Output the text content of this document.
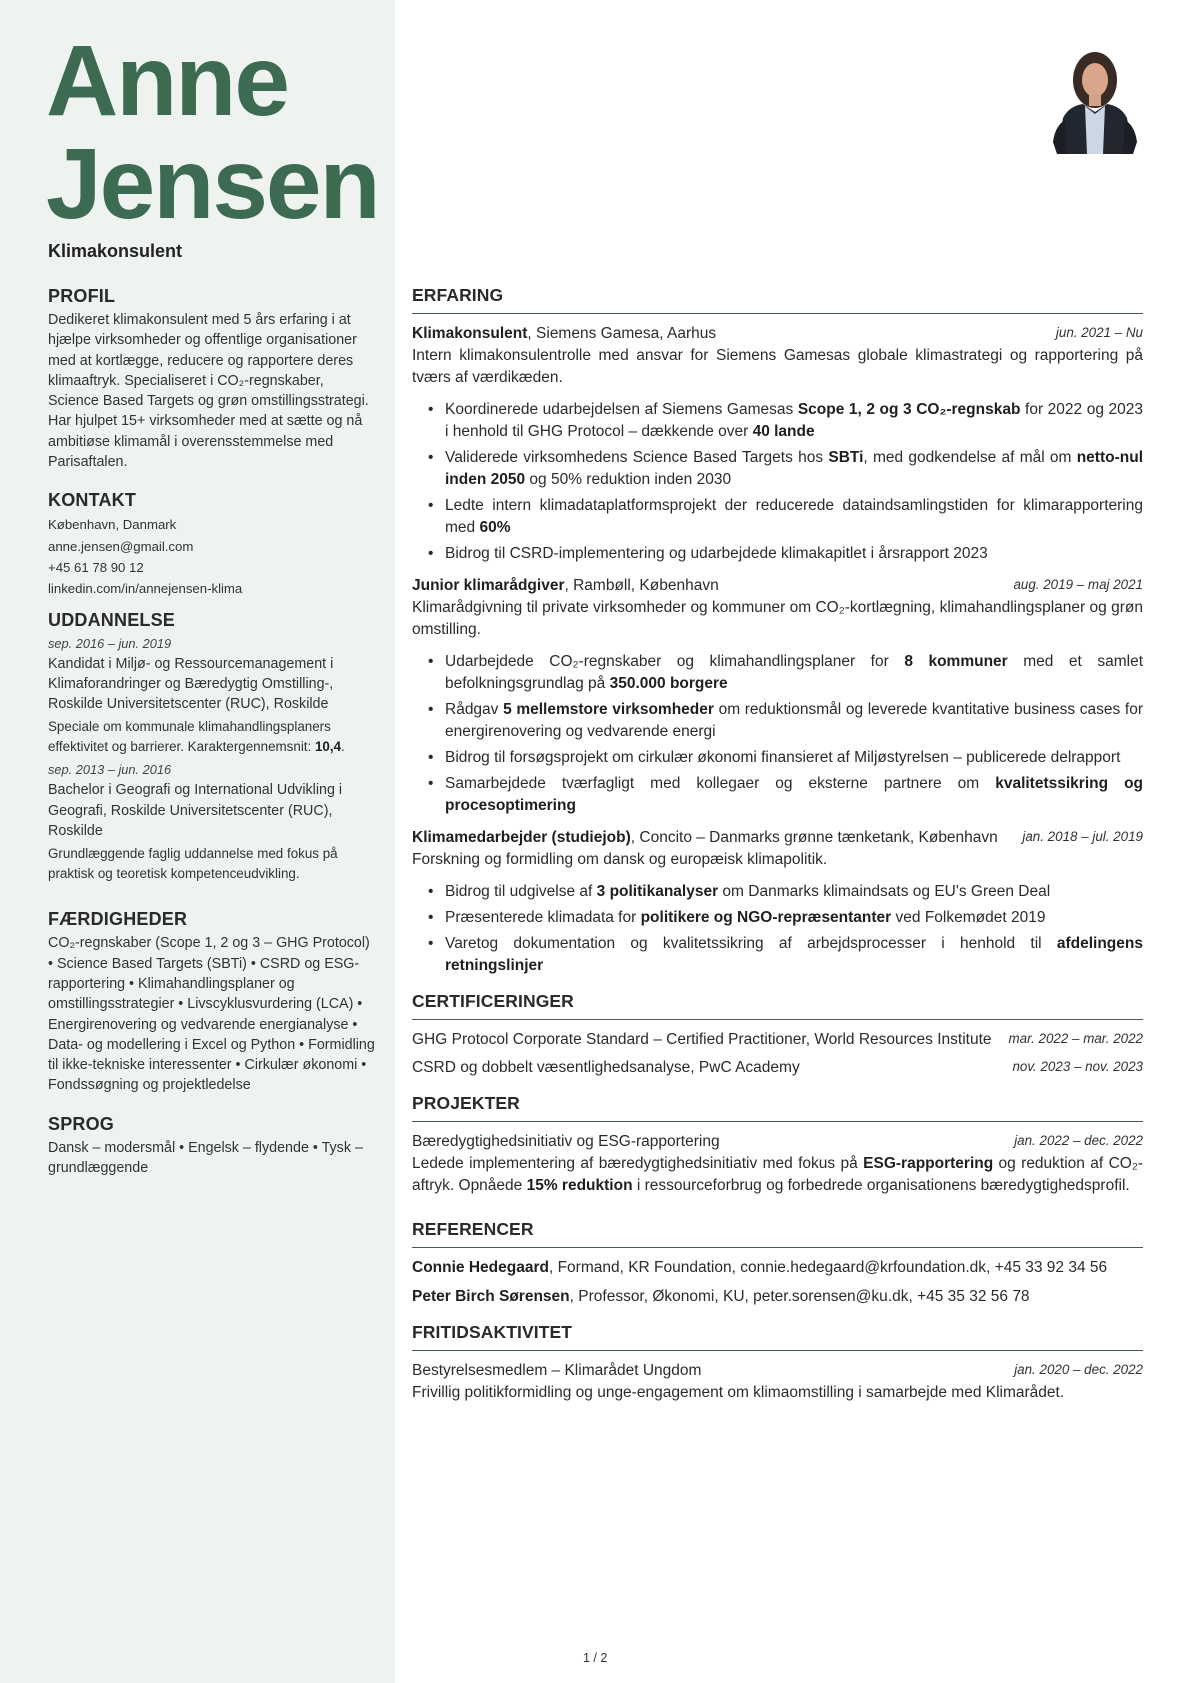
Anne
Jensen
Klimakonsulent
PROFIL
Dedikeret klimakonsulent med 5 års erfaring i at hjælpe virksomheder og offentlige organisationer med at kortlægge, reducere og rapportere deres klimaaftryk. Specialiseret i CO₂-regnskaber, Science Based Targets og grøn omstillingsstrategi. Har hjulpet 15+ virksomheder med at sætte og nå ambitiøse klimamål i overensstemmelse med Parisaftalen.
KONTAKT
København, Danmark
anne.jensen@gmail.com
+45 61 78 90 12
linkedin.com/in/annejensen-klima
UDDANNELSE
sep. 2016 – jun. 2019
Kandidat i Miljø- og Ressourcemanagement i Klimaforandringer og Bæredygtig Omstilling-, Roskilde Universitetscenter (RUC), Roskilde
Speciale om kommunale klimahandlingsplaners effektivitet og barrierer. Karaktergennemsnit: 10,4.
sep. 2013 – jun. 2016
Bachelor i Geografi og International Udvikling i Geografi, Roskilde Universitetscenter (RUC), Roskilde
Grundlæggende faglig uddannelse med fokus på praktisk og teoretisk kompetenceudvikling.
FÆRDIGHEDER
CO₂-regnskaber (Scope 1, 2 og 3 – GHG Protocol) • Science Based Targets (SBTi) • CSRD og ESG-rapportering • Klimahandlingsplaner og omstillingsstrategier • Livscyklusvurdering (LCA) • Energirenovering og vedvarende energianalyse • Data- og modellering i Excel og Python • Formidling til ikke-tekniske interessenter • Cirkulær økonomi • Fondssøgning og projektledelse
SPROG
Dansk – modersmål • Engelsk – flydende • Tysk – grundlæggende
ERFARING
Klimakonsulent, Siemens Gamesa, Aarhus	jun. 2021 – Nu
Intern klimakonsulentrolle med ansvar for Siemens Gamesas globale klimastrategi og rapportering på tværs af værdikæden.
• Koordinerede udarbejdelsen af Siemens Gamesas Scope 1, 2 og 3 CO₂-regnskab for 2022 og 2023 i henhold til GHG Protocol – dækkende over 40 lande
• Validerede virksomhedens Science Based Targets hos SBTi, med godkendelse af mål om netto-nul inden 2050 og 50% reduktion inden 2030
• Ledte intern klimadataplatformsprojekt der reducerede dataindsamlingstiden for klimarapportering med 60%
• Bidrog til CSRD-implementering og udarbejdede klimakapitlet i årsrapport 2023
Junior klimarådgiver, Rambøll, København	aug. 2019 – maj 2021
Klimarådgivning til private virksomheder og kommuner om CO₂-kortlægning, klimahandlingsplaner og grøn omstilling.
• Udarbejdede CO₂-regnskaber og klimahandlingsplaner for 8 kommuner med et samlet befolkningsgrundlag på 350.000 borgere
• Rådgav 5 mellemstore virksomheder om reduktionsmål og leverede kvantitative business cases for energirenovering og vedvarende energi
• Bidrog til forsøgsprojekt om cirkulær økonomi finansieret af Miljøstyrelsen – publicerede delrapport
• Samarbejdede tværfagligt med kollegaer og eksterne partnere om kvalitetssikring og procesoptimering
Klimamedarbejder (studiejob), Concito – Danmarks grønne tænketank, København	jan. 2018 – jul. 2019
Forskning og formidling om dansk og europæisk klimapolitik.
• Bidrog til udgivelse af 3 politikanalyser om Danmarks klimaindsats og EU's Green Deal
• Præsenterede klimadata for politikere og NGO-repræsentanter ved Folkemødet 2019
• Varetog dokumentation og kvalitetssikring af arbejdsprocesser i henhold til afdelingens retningslinjer
CERTIFICERINGER
GHG Protocol Corporate Standard – Certified Practitioner, World Resources Institute	mar. 2022 – mar. 2022
CSRD og dobbelt væsentlighedsanalyse, PwC Academy	nov. 2023 – nov. 2023
PROJEKTER
Bæredygtighedsinitiativ og ESG-rapportering	jan. 2022 – dec. 2022
Ledede implementering af bæredygtighedsinitiativ med fokus på ESG-rapportering og reduktion af CO₂-aftryk. Opnåede 15% reduktion i ressourceforbrug og forbedrede organisationens bæredygtighedsprofil.
REFERENCER
Connie Hedegaard, Formand, KR Foundation, connie.hedegaard@krfoundation.dk, +45 33 92 34 56
Peter Birch Sørensen, Professor, Økonomi, KU, peter.sorensen@ku.dk, +45 35 32 56 78
FRITIDSAKTIVITET
Bestyrelsesmedlem – Klimarådet Ungdom	jan. 2020 – dec. 2022
Frivillig politikformidling og unge-engagement om klimaomstilling i samarbejde med Klimarådet.
1 / 2
